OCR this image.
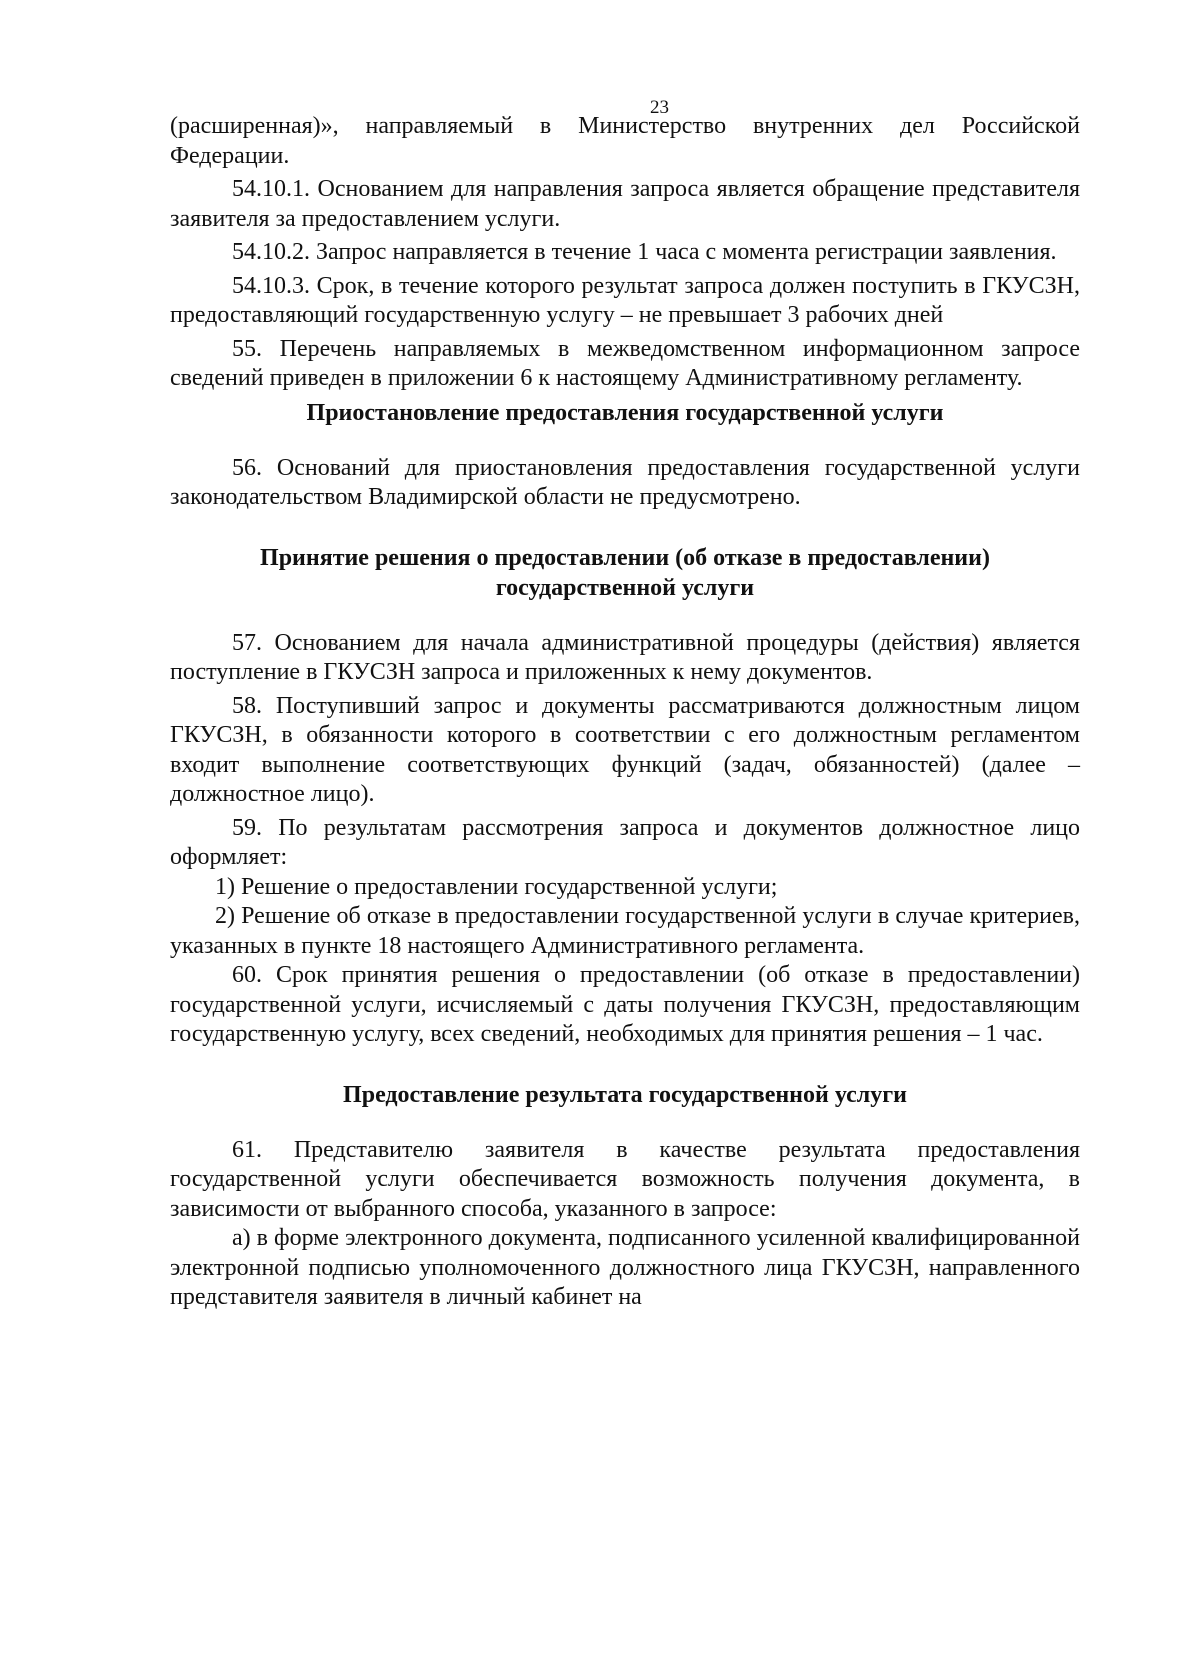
23

(расширенная)», направляемый в Министерство внутренних дел Российской Федерации.

54.10.1. Основанием для направления запроса является обращение представителя заявителя за предоставлением услуги.

54.10.2. Запрос направляется в течение 1 часа с момента регистрации заявления.

54.10.3. Срок, в течение которого результат запроса должен поступить в ГКУСЗН, предоставляющий государственную услугу – не превышает 3 рабочих дней

55. Перечень направляемых в межведомственном информационном запросе сведений приведен в приложении 6 к настоящему Административному регламенту.

Приостановление предоставления государственной услуги

56. Оснований для приостановления предоставления государственной услуги законодательством Владимирской области не предусмотрено.

Принятие решения о предоставлении (об отказе в предоставлении) государственной услуги

57. Основанием для начала административной процедуры (действия) является поступление в ГКУСЗН запроса и приложенных к нему документов.

58. Поступивший запрос и документы рассматриваются должностным лицом ГКУСЗН, в обязанности которого в соответствии с его должностным регламентом входит выполнение соответствующих функций (задач, обязанностей) (далее – должностное лицо).

59. По результатам рассмотрения запроса и документов должностное лицо оформляет:

1) Решение о предоставлении государственной услуги;

2) Решение об отказе в предоставлении государственной услуги в случае критериев, указанных в пункте 18 настоящего Административного регламента.

60. Срок принятия решения о предоставлении (об отказе в предоставлении) государственной услуги, исчисляемый с даты получения ГКУСЗН, предоставляющим государственную услугу, всех сведений, необходимых для принятия решения – 1 час.

Предоставление результата государственной услуги

61. Представителю заявителя в качестве результата предоставления государственной услуги обеспечивается возможность получения документа, в зависимости от выбранного способа, указанного в запросе:

а) в форме электронного документа, подписанного усиленной квалифицированной электронной подписью уполномоченного должностного лица ГКУСЗН, направленного представителя заявителя в личный кабинет на
